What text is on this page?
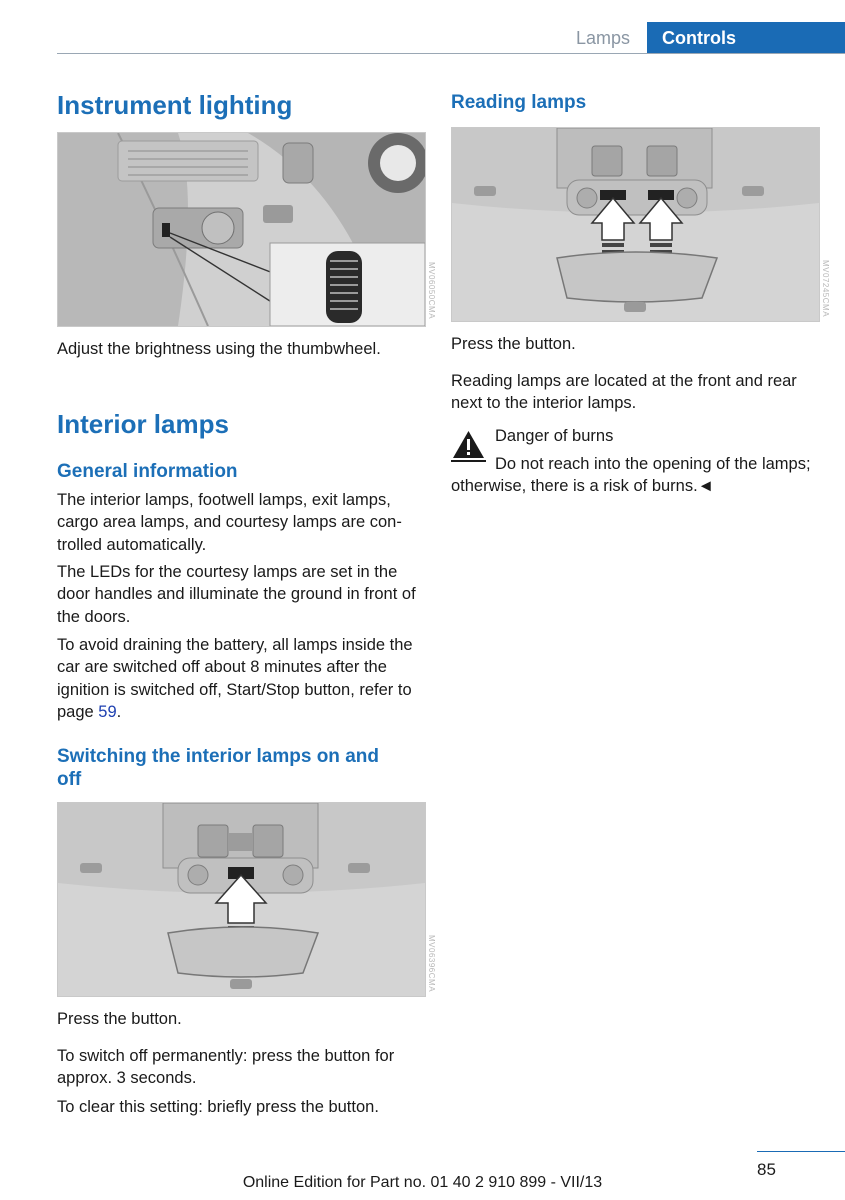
Lamps	Controls
Instrument lighting
MV06050CMA

Adjust the brightness using the thumbwheel.

Interior lamps
General information

The interior lamps, footwell lamps, exit lamps, cargo area lamps, and courtesy lamps are con-trolled automatically.

The LEDs for the courtesy lamps are set in the door handles and illuminate the ground in front of the doors.

To avoid draining the battery, all lamps inside the car are switched off about 8 minutes after the ignition is switched off, Start/Stop button, refer to page 59.

Switching the interior lamps on and off
MV06396CMA

Press the button.

To switch off permanently: press the button for approx. 3 seconds.

To clear this setting: briefly press the button.

Reading lamps
MV07245CMA

Press the button.

Reading lamps are located at the front and rear next to the interior lamps.

Danger of burns

Do not reach into the opening of the lamps; otherwise, there is a risk of burns.◄

85
Online Edition for Part no. 01 40 2 910 899 - VII/13
